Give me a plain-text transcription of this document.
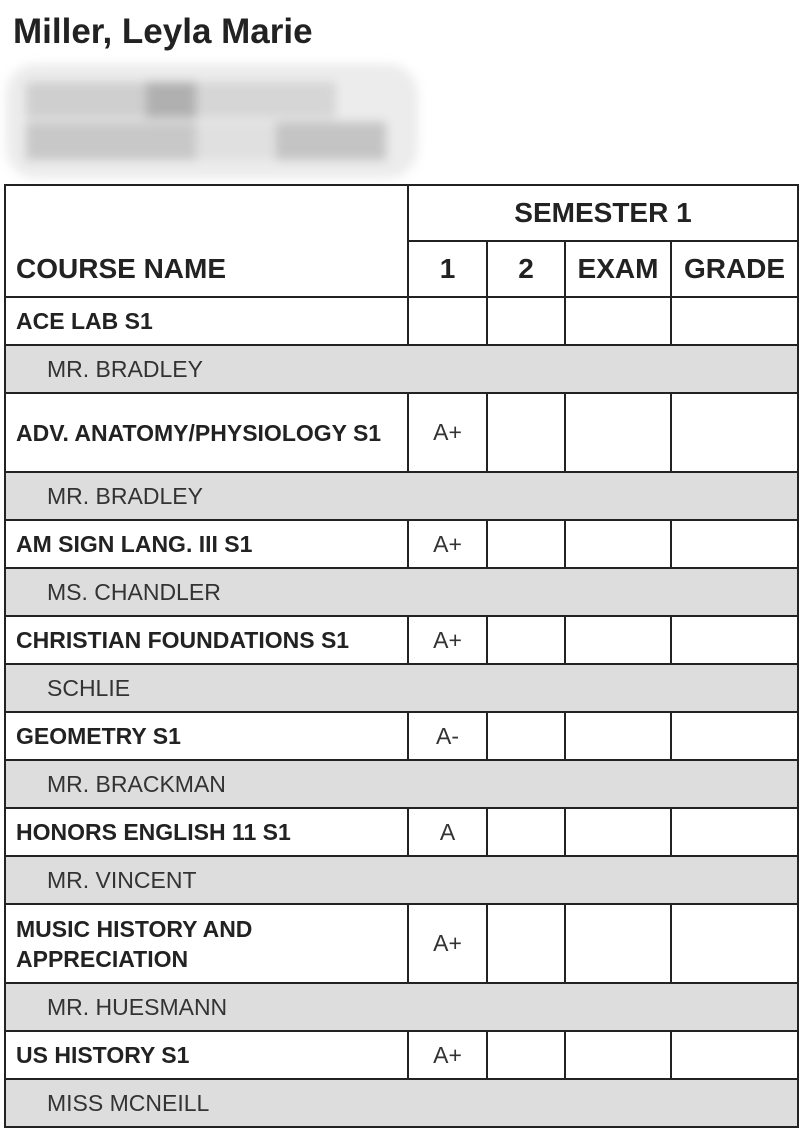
Miller, Leyla Marie
COURSE NAME	SEMESTER 1			
	1	2	EXAM	GRADE
ACE LAB S1				
MR. BRADLEY				
ADV. ANATOMY/PHYSIOLOGY S1	A+			
MR. BRADLEY				
AM SIGN LANG. III S1	A+			
MS. CHANDLER				
CHRISTIAN FOUNDATIONS S1	A+			
SCHLIE				
GEOMETRY S1	A-			
MR. BRACKMAN				
HONORS ENGLISH 11 S1	A			
MR. VINCENT				
MUSIC HISTORY AND APPRECIATION	A+			
MR. HUESMANN				
US HISTORY S1	A+			
MISS MCNEILL				
